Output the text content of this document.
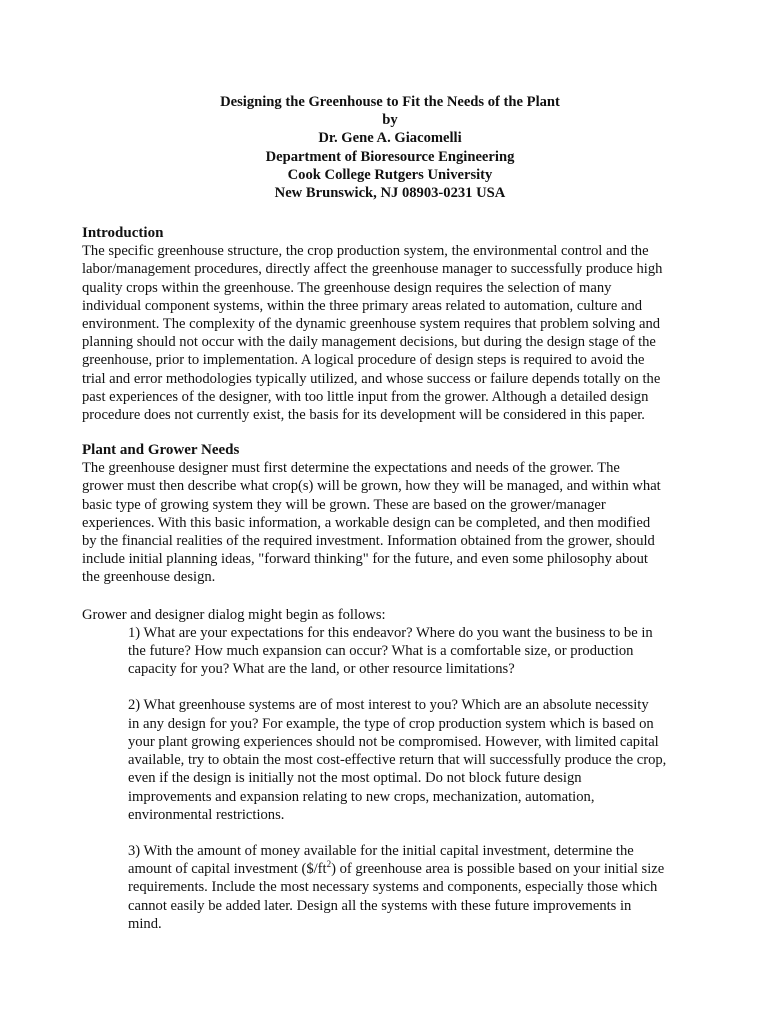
Designing the Greenhouse to Fit the Needs of the Plant
by
Dr. Gene A. Giacomelli
Department of Bioresource Engineering
Cook College Rutgers University
New Brunswick, NJ 08903-0231 USA
Introduction

The specific greenhouse structure, the crop production system, the environmental control and the
labor/management procedures, directly affect the greenhouse manager to successfully produce high
quality crops within the greenhouse. The greenhouse design requires the selection of many
individual component systems, within the three primary areas related to automation, culture and
environment. The complexity of the dynamic greenhouse system requires that problem solving and
planning should not occur with the daily management decisions, but during the design stage of the
greenhouse, prior to implementation. A logical procedure of design steps is required to avoid the
trial and error methodologies typically utilized, and whose success or failure depends totally on the
past experiences of the designer, with too little input from the grower. Although a detailed design
procedure does not currently exist, the basis for its development will be considered in this paper.

Plant and Grower Needs

The greenhouse designer must first determine the expectations and needs of the grower. The
grower must then describe what crop(s) will be grown, how they will be managed, and within what
basic type of growing system they will be grown. These are based on the grower/manager
experiences. With this basic information, a workable design can be completed, and then modified
by the financial realities of the required investment. Information obtained from the grower, should
include initial planning ideas, "forward thinking" for the future, and even some philosophy about
the greenhouse design.

Grower and designer dialog might begin as follows:

1) What are your expectations for this endeavor? Where do you want the business to be in
the future? How much expansion can occur? What is a comfortable size, or production
capacity for you? What are the land, or other resource limitations?
2) What greenhouse systems are of most interest to you? Which are an absolute necessity
in any design for you? For example, the type of crop production system which is based on
your plant growing experiences should not be compromised. However, with limited capital
available, try to obtain the most cost-effective return that will successfully produce the crop,
even if the design is initially not the most optimal. Do not block future design
improvements and expansion relating to new crops, mechanization, automation,
environmental restrictions.
3) With the amount of money available for the initial capital investment, determine the
amount of capital investment $(\$/ft^2)$ of greenhouse area is possible based on your initial size
requirements. Include the most necessary systems and components, especially those which
cannot easily be added later. Design all the systems with these future improvements in
mind.
